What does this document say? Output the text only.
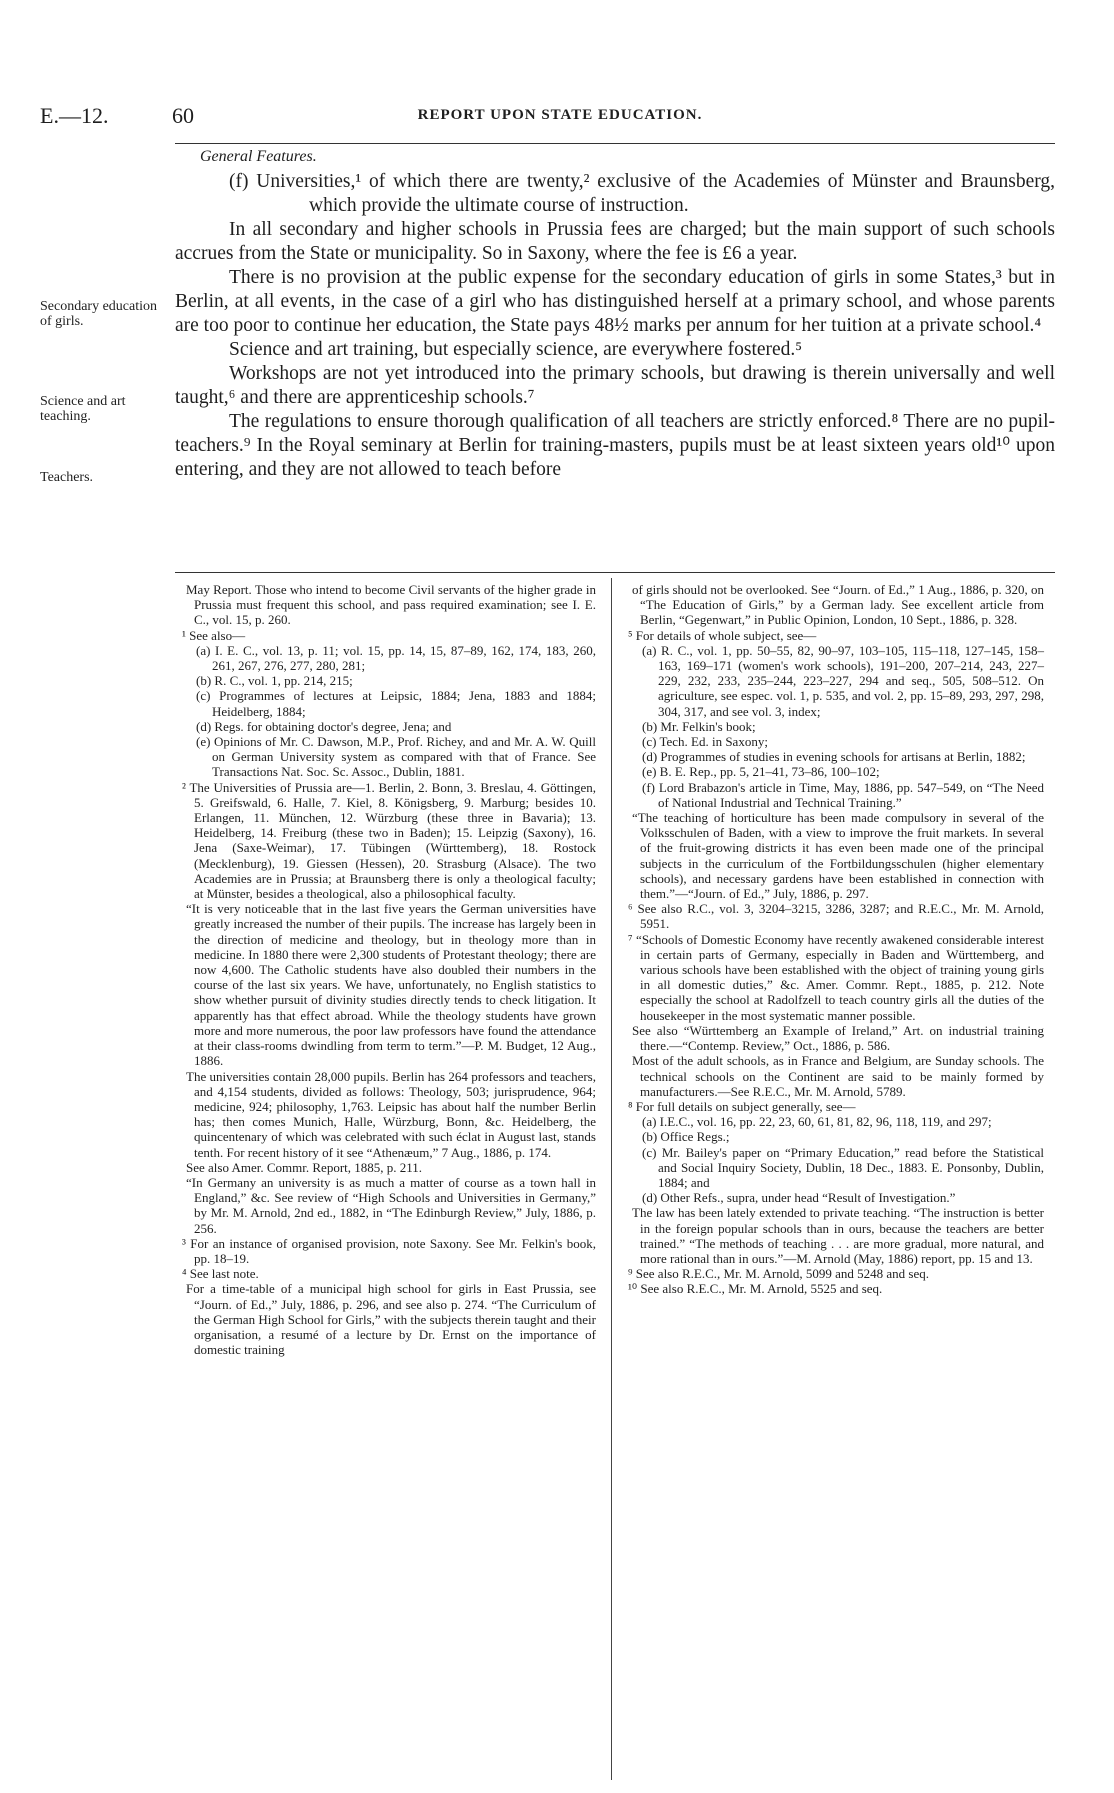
E.—12.	60	REPORT UPON STATE EDUCATION.
General Features.
Secondary education of girls.
Science and art teaching.
Teachers.

(f) Universities,¹ of which there are twenty,² exclusive of the Academies of Münster and Braunsberg, which provide the ultimate course of instruction.

In all secondary and higher schools in Prussia fees are charged; but the main support of such schools accrues from the State or municipality. So in Saxony, where the fee is £6 a year.

There is no provision at the public expense for the secondary education of girls in some States,³ but in Berlin, at all events, in the case of a girl who has distinguished herself at a primary school, and whose parents are too poor to continue her education, the State pays 48½ marks per annum for her tuition at a private school.⁴

Science and art training, but especially science, are everywhere fostered.⁵

Workshops are not yet introduced into the primary schools, but drawing is therein universally and well taught,⁶ and there are apprenticeship schools.⁷

The regulations to ensure thorough qualification of all teachers are strictly enforced.⁸ There are no pupil-teachers.⁹ In the Royal seminary at Berlin for training-masters, pupils must be at least sixteen years old¹⁰ upon entering, and they are not allowed to teach before

May Report. Those who intend to become Civil servants of the higher grade in Prussia must frequent this school, and pass required examination; see I. E. C., vol. 15, p. 260.

¹ See also—

(a) I. E. C., vol. 13, p. 11; vol. 15, pp. 14, 15, 87–89, 162, 174, 183, 260, 261, 267, 276, 277, 280, 281;

(b) R. C., vol. 1, pp. 214, 215;

(c) Programmes of lectures at Leipsic, 1884; Jena, 1883 and 1884; Heidelberg, 1884;

(d) Regs. for obtaining doctor's degree, Jena; and

(e) Opinions of Mr. C. Dawson, M.P., Prof. Richey, and and Mr. A. W. Quill on German University system as compared with that of France. See Transactions Nat. Soc. Sc. Assoc., Dublin, 1881.

² The Universities of Prussia are—1. Berlin, 2. Bonn, 3. Breslau, 4. Göttingen, 5. Greifswald, 6. Halle, 7. Kiel, 8. Königsberg, 9. Marburg; besides 10. Erlangen, 11. München, 12. Würzburg (these three in Bavaria); 13. Heidelberg, 14. Freiburg (these two in Baden); 15. Leipzig (Saxony), 16. Jena (Saxe-Weimar), 17. Tübingen (Württemberg), 18. Rostock (Mecklenburg), 19. Giessen (Hessen), 20. Strasburg (Alsace). The two Academies are in Prussia; at Braunsberg there is only a theological faculty; at Münster, besides a theological, also a philosophical faculty.

“It is very noticeable that in the last five years the German universities have greatly increased the number of their pupils. The increase has largely been in the direction of medicine and theology, but in theology more than in medicine. In 1880 there were 2,300 students of Protestant theology; there are now 4,600. The Catholic students have also doubled their numbers in the course of the last six years. We have, unfortunately, no English statistics to show whether pursuit of divinity studies directly tends to check litigation. It apparently has that effect abroad. While the theology students have grown more and more numerous, the poor law professors have found the attendance at their class-rooms dwindling from term to term.”—P. M. Budget, 12 Aug., 1886.

The universities contain 28,000 pupils. Berlin has 264 professors and teachers, and 4,154 students, divided as follows: Theology, 503; jurisprudence, 964; medicine, 924; philosophy, 1,763. Leipsic has about half the number Berlin has; then comes Munich, Halle, Würzburg, Bonn, &c. Heidelberg, the quincentenary of which was celebrated with such éclat in August last, stands tenth. For recent history of it see “Athenæum,” 7 Aug., 1886, p. 174.

See also Amer. Commr. Report, 1885, p. 211.

“In Germany an university is as much a matter of course as a town hall in England,” &c. See review of “High Schools and Universities in Germany,” by Mr. M. Arnold, 2nd ed., 1882, in “The Edinburgh Review,” July, 1886, p. 256.

³ For an instance of organised provision, note Saxony. See Mr. Felkin's book, pp. 18–19.

⁴ See last note.

For a time-table of a municipal high school for girls in East Prussia, see “Journ. of Ed.,” July, 1886, p. 296, and see also p. 274. “The Curriculum of the German High School for Girls,” with the subjects therein taught and their organisation, a resumé of a lecture by Dr. Ernst on the importance of domestic training

of girls should not be overlooked. See “Journ. of Ed.,” 1 Aug., 1886, p. 320, on “The Education of Girls,” by a German lady. See excellent article from Berlin, “Gegenwart,” in Public Opinion, London, 10 Sept., 1886, p. 328.

⁵ For details of whole subject, see—

(a) R. C., vol. 1, pp. 50–55, 82, 90–97, 103–105, 115–118, 127–145, 158–163, 169–171 (women's work schools), 191–200, 207–214, 243, 227–229, 232, 233, 235–244, 223–227, 294 and seq., 505, 508–512. On agriculture, see espec. vol. 1, p. 535, and vol. 2, pp. 15–89, 293, 297, 298, 304, 317, and see vol. 3, index;

(b) Mr. Felkin's book;

(c) Tech. Ed. in Saxony;

(d) Programmes of studies in evening schools for artisans at Berlin, 1882;

(e) B. E. Rep., pp. 5, 21–41, 73–86, 100–102;

(f) Lord Brabazon's article in Time, May, 1886, pp. 547–549, on “The Need of National Industrial and Technical Training.”

“The teaching of horticulture has been made compulsory in several of the Volksschulen of Baden, with a view to improve the fruit markets. In several of the fruit-growing districts it has even been made one of the principal subjects in the curriculum of the Fortbildungsschulen (higher elementary schools), and necessary gardens have been established in connection with them.”—“Journ. of Ed.,” July, 1886, p. 297.

⁶ See also R.C., vol. 3, 3204–3215, 3286, 3287; and R.E.C., Mr. M. Arnold, 5951.

⁷ “Schools of Domestic Economy have recently awakened considerable interest in certain parts of Germany, especially in Baden and Württemberg, and various schools have been established with the object of training young girls in all domestic duties,” &c. Amer. Commr. Rept., 1885, p. 212. Note especially the school at Radolfzell to teach country girls all the duties of the housekeeper in the most systematic manner possible.

See also “Württemberg an Example of Ireland,” Art. on industrial training there.—“Contemp. Review,” Oct., 1886, p. 586.

Most of the adult schools, as in France and Belgium, are Sunday schools. The technical schools on the Continent are said to be mainly formed by manufacturers.—See R.E.C., Mr. M. Arnold, 5789.

⁸ For full details on subject generally, see—

(a) I.E.C., vol. 16, pp. 22, 23, 60, 61, 81, 82, 96, 118, 119, and 297;

(b) Office Regs.;

(c) Mr. Bailey's paper on “Primary Education,” read before the Statistical and Social Inquiry Society, Dublin, 18 Dec., 1883. E. Ponsonby, Dublin, 1884; and

(d) Other Refs., supra, under head “Result of Investigation.”

The law has been lately extended to private teaching. “The instruction is better in the foreign popular schools than in ours, because the teachers are better trained.” “The methods of teaching . . . are more gradual, more natural, and more rational than in ours.”—M. Arnold (May, 1886) report, pp. 15 and 13.

⁹ See also R.E.C., Mr. M. Arnold, 5099 and 5248 and seq.

¹⁰ See also R.E.C., Mr. M. Arnold, 5525 and seq.
